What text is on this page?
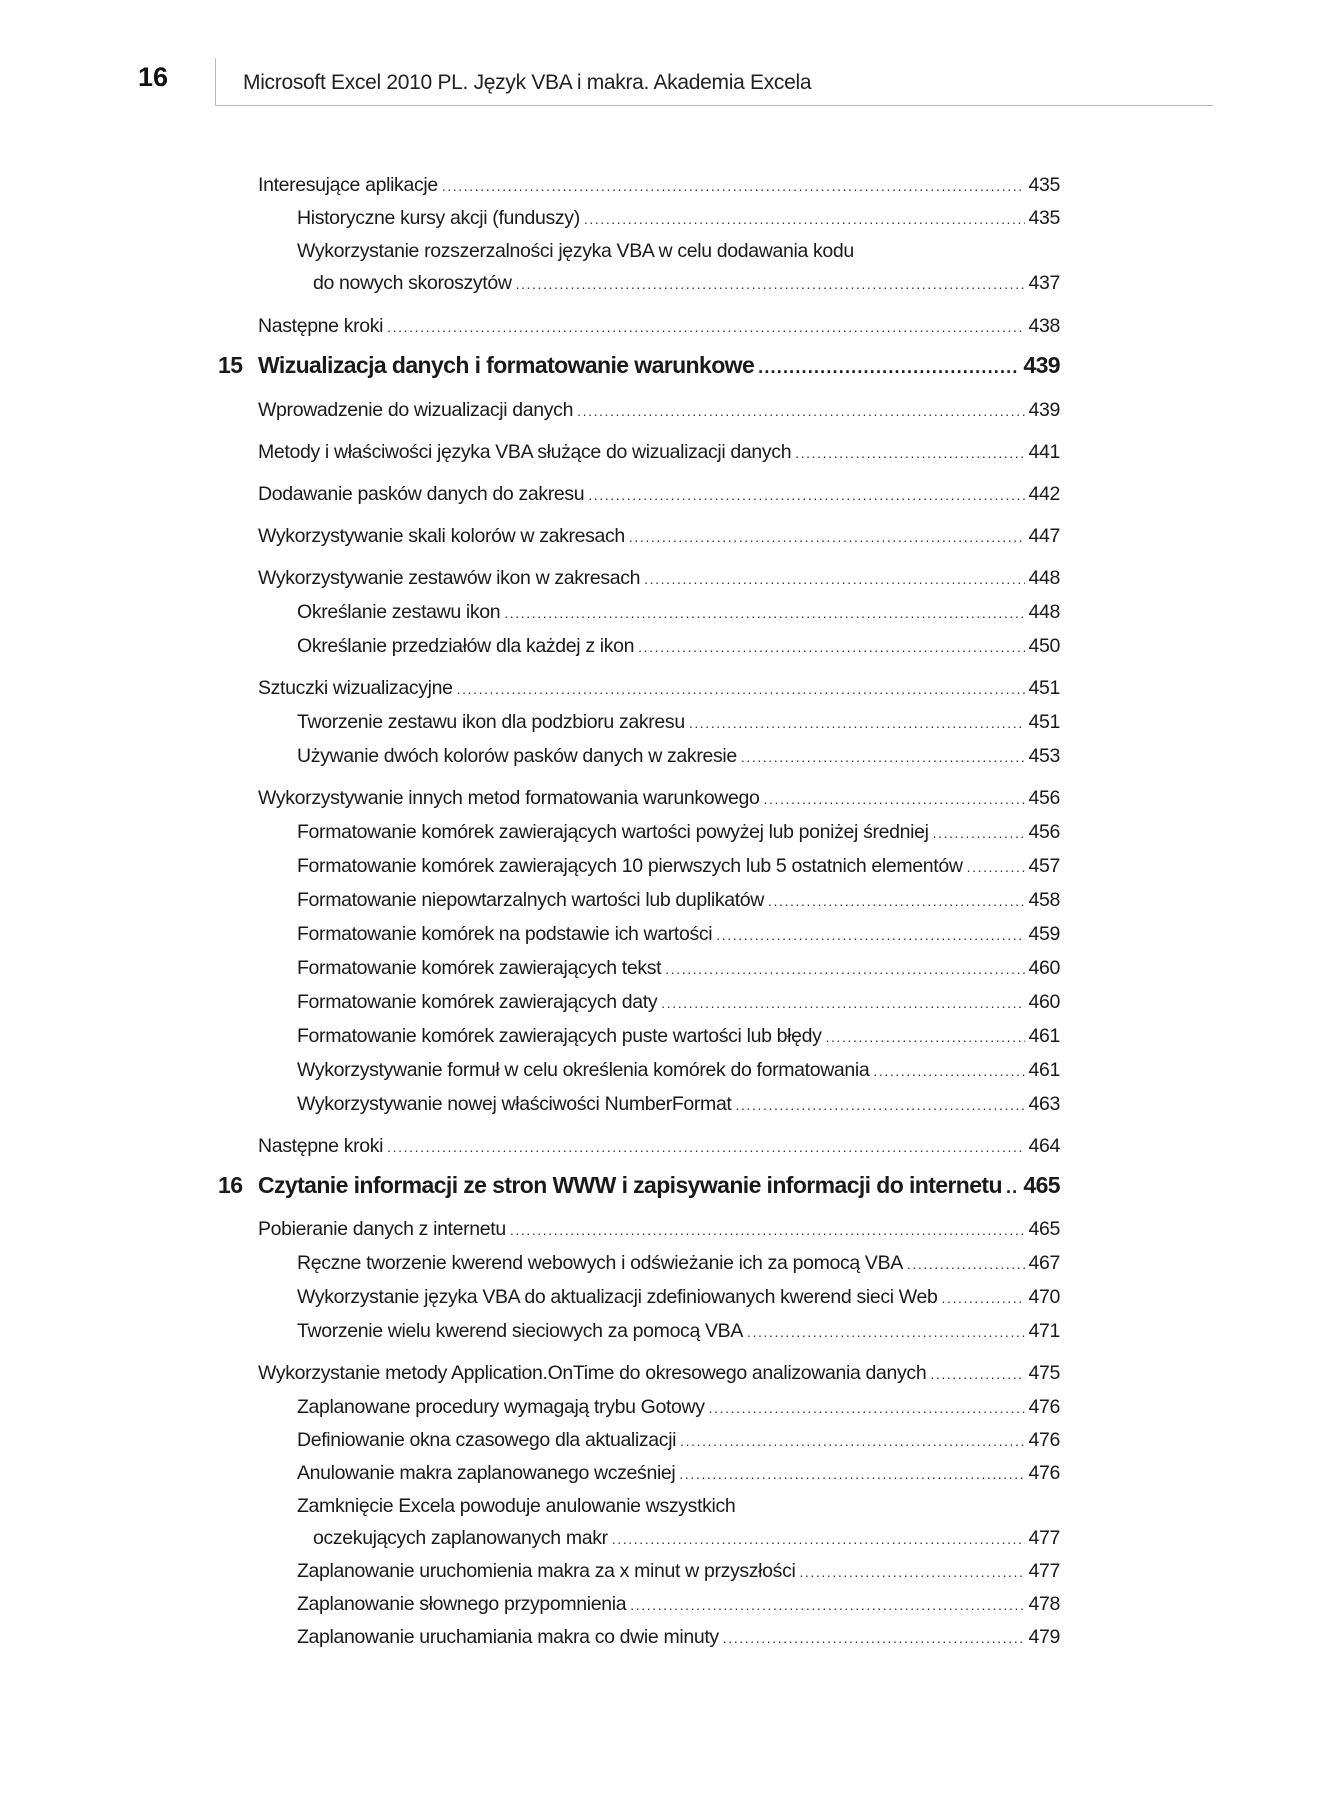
16	Microsoft Excel 2010 PL. Język VBA i makra. Akademia Excela
Interesujące aplikacje .....	435
Historyczne kursy akcji (funduszy) .....	435
Wykorzystanie rozszerzalności języka VBA w celu dodawania kodu
do nowych skoroszytów .....	437
Następne kroki .....	438
15 Wizualizacja danych i formatowanie warunkowe .....	439
Wprowadzenie do wizualizacji danych .....	439
Metody i właściwości języka VBA służące do wizualizacji danych .....	441
Dodawanie pasków danych do zakresu .....	442
Wykorzystywanie skali kolorów w zakresach .....	447
Wykorzystywanie zestawów ikon w zakresach .....	448
Określanie zestawu ikon .....	448
Określanie przedziałów dla każdej z ikon .....	450
Sztuczki wizualizacyjne .....	451
Tworzenie zestawu ikon dla podzbioru zakresu .....	451
Używanie dwóch kolorów pasków danych w zakresie .....	453
Wykorzystywanie innych metod formatowania warunkowego .....	456
Formatowanie komórek zawierających wartości powyżej lub poniżej średniej .....	456
Formatowanie komórek zawierających 10 pierwszych lub 5 ostatnich elementów .....	457
Formatowanie niepowtarzalnych wartości lub duplikatów .....	458
Formatowanie komórek na podstawie ich wartości .....	459
Formatowanie komórek zawierających tekst .....	460
Formatowanie komórek zawierających daty .....	460
Formatowanie komórek zawierających puste wartości lub błędy .....	461
Wykorzystywanie formuł w celu określenia komórek do formatowania .....	461
Wykorzystywanie nowej właściwości NumberFormat .....	463
Następne kroki .....	464
16 Czytanie informacji ze stron WWW i zapisywanie informacji do internetu ..... 465
Pobieranie danych z internetu .....	465
Ręczne tworzenie kwerend webowych i odświeżanie ich za pomocą VBA .....	467
Wykorzystanie języka VBA do aktualizacji zdefiniowanych kwerend sieci Web .....	470
Tworzenie wielu kwerend sieciowych za pomocą VBA .....	471
Wykorzystanie metody Application.OnTime do okresowego analizowania danych .....	475
Zaplanowane procedury wymagają trybu Gotowy .....	476
Definiowanie okna czasowego dla aktualizacji .....	476
Anulowanie makra zaplanowanego wcześniej .....	476
Zamknięcie Excela powoduje anulowanie wszystkich
oczekujących zaplanowanych makr .....	477
Zaplanowanie uruchomienia makra za x minut w przyszłości .....	477
Zaplanowanie słownego przypomnienia .....	478
Zaplanowanie uruchamiania makra co dwie minuty .....	479
